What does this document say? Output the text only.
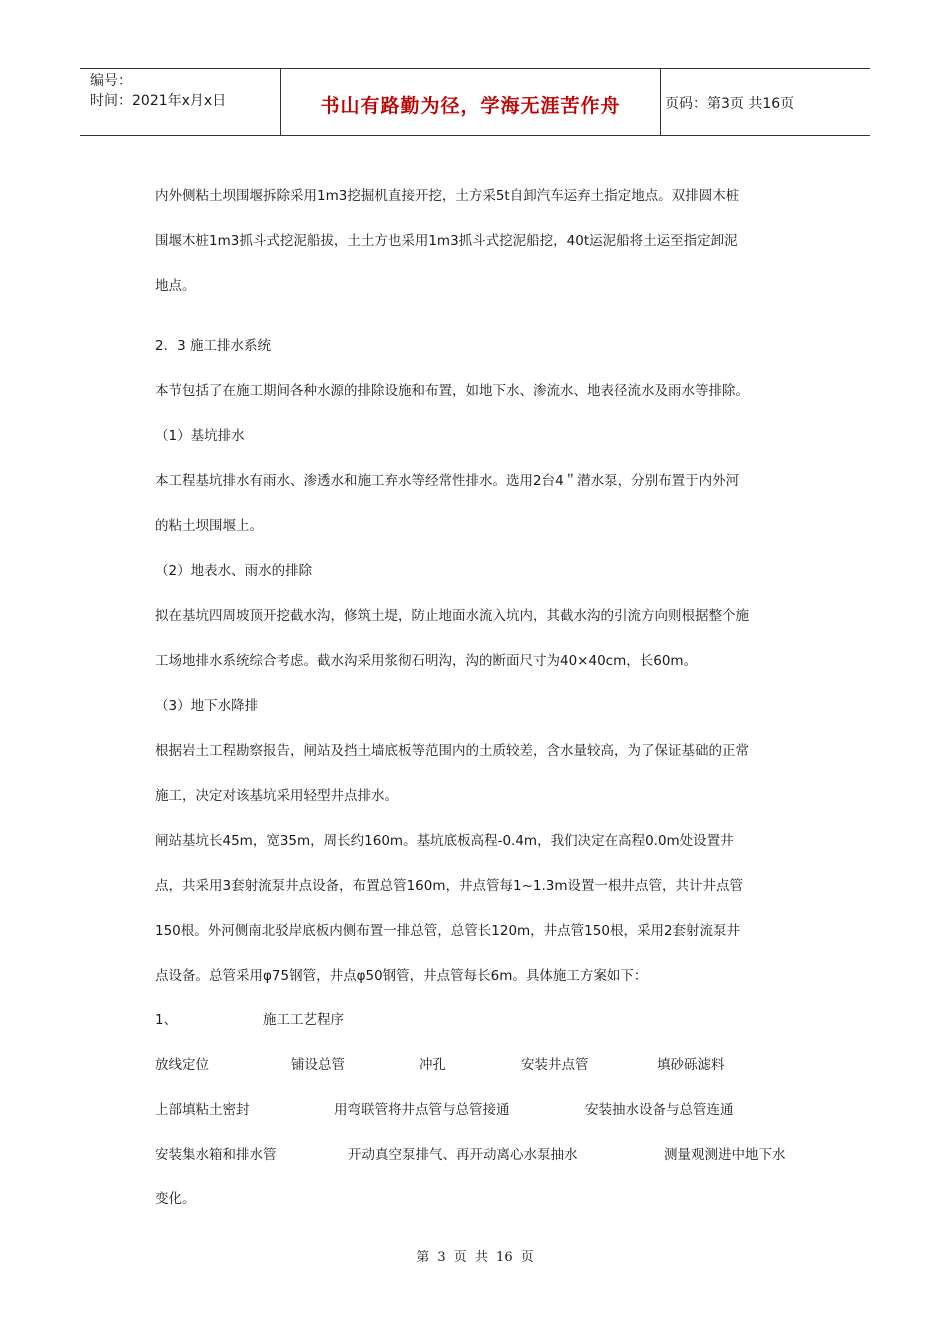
编号：
时间：2021年x月x日	书山有路勤为径，学海无涯苦作舟	页码：第3页 共16页
内外侧粘土坝围堰拆除采用1m3挖掘机直接开挖，土方采5t自卸汽车运弃土指定地点。双排圆木桩
围堰木桩1m3抓斗式挖泥船拔，土土方也采用1m3抓斗式挖泥船挖，40t运泥船将土运至指定卸泥
地点。
2．3 施工排水系统
本节包括了在施工期间各种水源的排除设施和布置，如地下水、渗流水、地表径流水及雨水等排除。
（1）基坑排水
本工程基坑排水有雨水、渗透水和施工弃水等经常性排水。选用2台4＂潜水泵，分别布置于内外河
的粘土坝围堰上。
（2）地表水、雨水的排除
拟在基坑四周坡顶开挖截水沟，修筑土堤，防止地面水流入坑内，其截水沟的引流方向则根据整个施
工场地排水系统综合考虑。截水沟采用浆彻石明沟，沟的断面尺寸为40×40cm，长60m。
（3）地下水降排
根据岩土工程勘察报告，闸站及挡土墙底板等范围内的土质较差，含水量较高，为了保证基础的正常
施工，决定对该基坑采用轻型井点排水。
闸站基坑长45m，宽35m，周长约160m。基坑底板高程-0.4m，我们决定在高程0.0m处设置井
点，共采用3套射流泵井点设备，布置总管160m，井点管每1~1.3m设置一根井点管，共计井点管
150根。外河侧南北驳岸底板内侧布置一排总管，总管长120m，井点管150根，采用2套射流泵井
点设备。总管采用φ75钢管，井点φ50钢管，井点管每长6m。具体施工方案如下：
1、	施工工艺程序
放线定位	铺设总管	冲孔	安装井点管	填砂砾滤料
上部填粘土密封	用弯联管将井点管与总管接通	安装抽水设备与总管连通
安装集水箱和排水管	开动真空泵排气、再开动离心水泵抽水	测量观测进中地下水
变化。
第 3 页 共 16 页
